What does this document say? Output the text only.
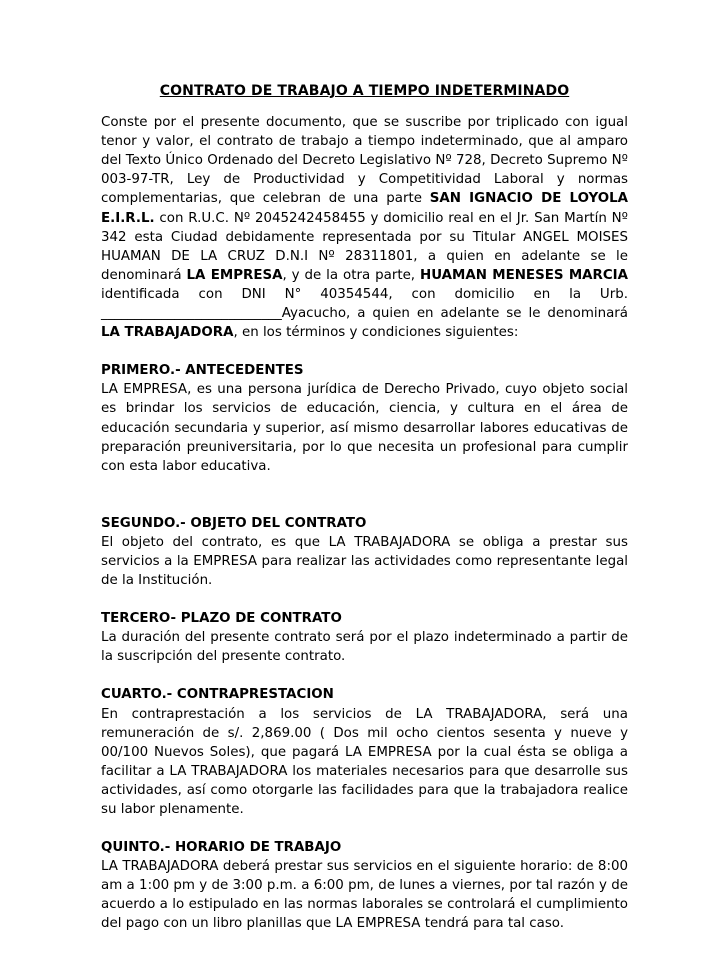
CONTRATO DE TRABAJO A TIEMPO INDETERMINADO

Conste por el presente documento, que se suscribe por triplicado con igual tenor y valor, el contrato de trabajo a tiempo indeterminado, que al amparo del Texto Único Ordenado del Decreto Legislativo Nº 728, Decreto Supremo Nº 003-97-TR, Ley de Productividad y Competitividad Laboral y normas complementarias, que celebran de una parte SAN IGNACIO DE LOYOLA E.I.R.L. con R.U.C. Nº 2045242458455 y domicilio real en el Jr. San Martín Nº 342 esta Ciudad debidamente representada por su Titular ANGEL MOISES HUAMAN DE LA CRUZ D.N.I Nº 28311801, a quien en adelante se le denominará LA EMPRESA, y de la otra parte, HUAMAN MENESES MARCIA identificada con DNI N° 40354544, con domicilio en la Urb. ___________________________Ayacucho, a quien en adelante se le denominará LA TRABAJADORA, en los términos y condiciones siguientes:

PRIMERO.- ANTECEDENTES

LA EMPRESA, es una persona jurídica de Derecho Privado, cuyo objeto social es brindar los servicios de educación, ciencia, y cultura en el área de educación secundaria y superior, así mismo desarrollar labores educativas de preparación preuniversitaria, por lo que necesita un profesional para cumplir con esta labor educativa.

SEGUNDO.- OBJETO DEL CONTRATO

El objeto del contrato, es que LA TRABAJADORA se obliga a prestar sus servicios a la EMPRESA para realizar las actividades como representante legal de la Institución.

TERCERO- PLAZO DE CONTRATO

La duración del presente contrato será por el plazo indeterminado a partir de la suscripción del presente contrato.

CUARTO.- CONTRAPRESTACION

En contraprestación a los servicios de LA TRABAJADORA, será una remuneración de s/. 2,869.00 ( Dos mil ocho cientos sesenta y nueve y 00/100 Nuevos Soles), que pagará LA EMPRESA por la cual ésta se obliga a facilitar a LA TRABAJADORA los materiales necesarios para que desarrolle sus actividades, así como otorgarle las facilidades para que la trabajadora realice su labor plenamente.

QUINTO.- HORARIO DE TRABAJO

LA TRABAJADORA deberá prestar sus servicios en el siguiente horario: de 8:00 am a 1:00 pm y de 3:00 p.m. a 6:00 pm, de lunes a viernes, por tal razón y de acuerdo a lo estipulado en las normas laborales se controlará el cumplimiento del pago con un libro planillas que LA EMPRESA tendrá para tal caso.
